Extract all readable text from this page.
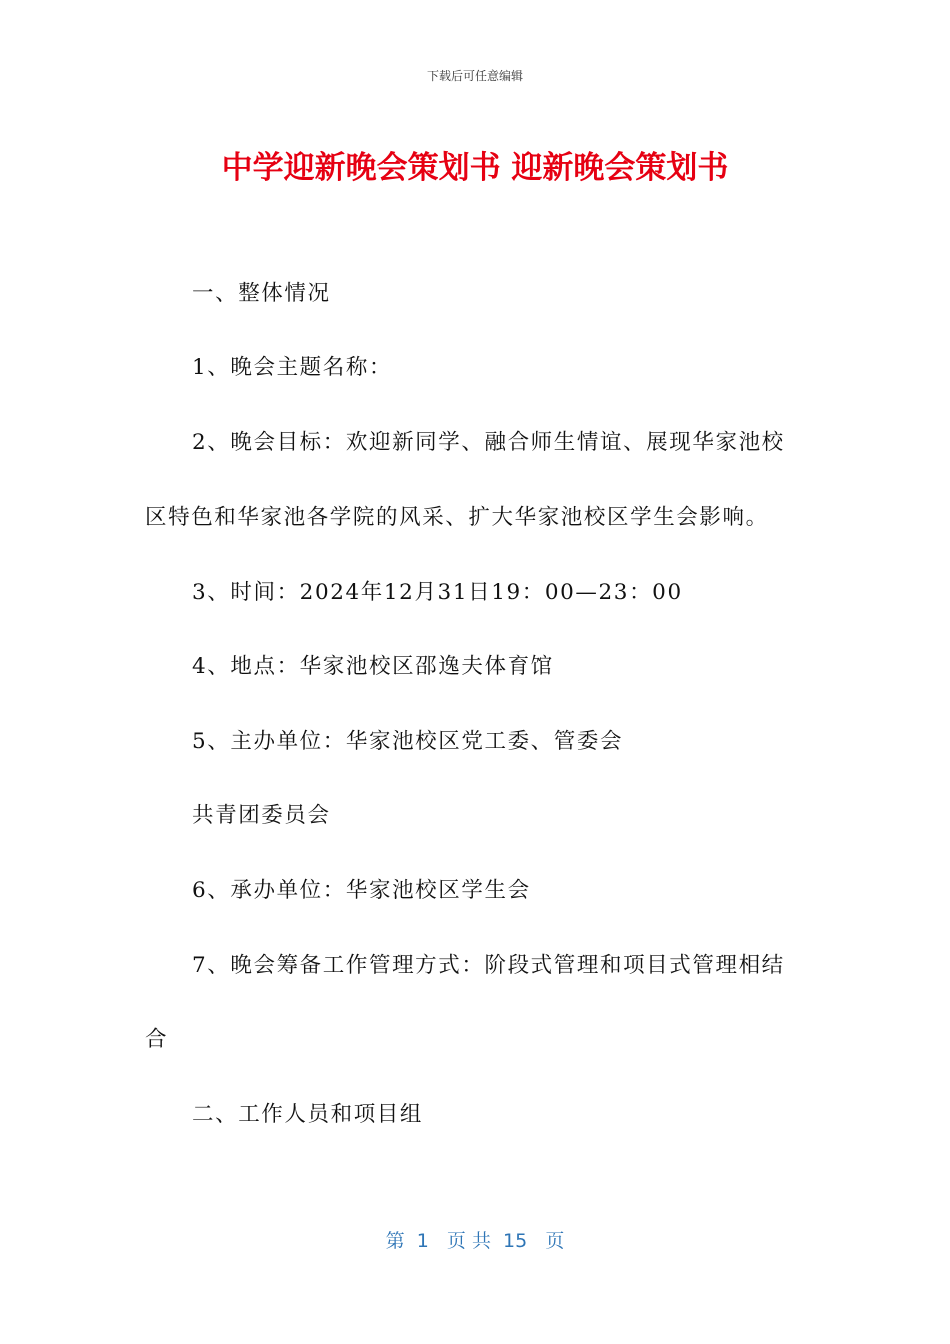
下载后可任意编辑
中学迎新晚会策划书 迎新晚会策划书
一、整体情况
1、晚会主题名称：
2、晚会目标：欢迎新同学、融合师生情谊、展现华家池校
区特色和华家池各学院的风采、扩大华家池校区学生会影响。
3、时间：2024年12月31日19：00—23：00
4、地点：华家池校区邵逸夫体育馆
5、主办单位：华家池校区党工委、管委会
共青团委员会
6、承办单位：华家池校区学生会
7、晚会筹备工作管理方式：阶段式管理和项目式管理相结
合
二、工作人员和项目组
第  1   页 共  15   页
